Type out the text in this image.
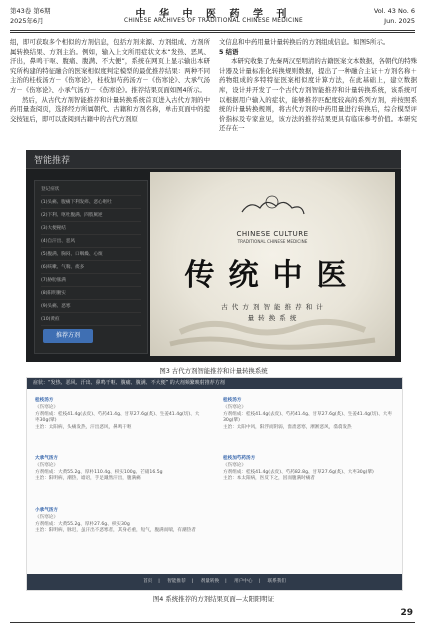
第43卷 第6期
2025年6月
中 华 中 医 药 学 刊
CHINESE ARCHIVES OF TRADITIONAL CHINESE MEDICINE
Vol. 43 No. 6
Jun. 2025

组，即可获取多个相似的方剂信息，包括方剂来源、方剂组成、方剂所属转换结果、方剂主治。例如，输入上文所用症状文本“发热、恶风、汗出，鼻鸣干呕、腹痛、腹满、不大便”，系统在网页上显示输出本研究所构建的特征融合的医案相似度判定模型的最优推荐结果：两种不同主治的桂枝汤方－《伤寒论》，桂枝加芍药汤方－《伤寒论》、大承气汤方－《伤寒论》、小承气汤方－《伤寒论》。推荐结果页面如图4所示。

然后，从古代方剂智能推荐和计量转换系统首页进入古代方剂的中药用量查阅页，选择经方所属朝代、古籍和方剂名称，单击页面中的提交按钮后，即可以查阅到古籍中的古代方剂原

文信息和中药用量计量转换后的方剂组成信息。如图5所示。

5 结语

本研究收集了先秦两汉至明清的古籍医案文本数据，各朝代的特殊计器及计量标准化转换规则数据，提出了一种融合主证＋方剂名称＋药物组成的多特特征医案相似度计算方法，在此基础上，建立数据库，设计并开发了一个古代方剂智能推荐和计量转换系统，该系统可以根据用户输入的症状，能够推荐匹配度较高的系列方剂，并按照系统的计量转换规则，将古代方剂的中药用量进行转换后，综合模型评价指标及专家意见，该方法的推荐结果更具有临床参考价值。本研究还存在一

智能推荐
登记症状
(1)头痛、腹痛下利发疹、恶心呕吐
(2)下利、呕吐腹满、四肢厥逆
(3)大便秘结
(4)自汗出、恶风
(5)腹满、胸闷、口咽燥、心烦
(6)咳嗽、气喘、痰多
(7)胁肋胀满
(8)阳明腑实
(9)头痛、恶寒
(10)黄疸
推荐方剂
CHINESE CULTURE
TRADITIONAL CHINESE MEDICINE
传统中医
古 代 方 剂 智 能 推 荐 和 计
量 转 换 系 统
图3 古代方剂智能推荐和计量转换系统
症状：“发热、恶风、汗出、鼻鸣干呕、腹痛、腹满、不大便” 的大剂频繁映射推荐方剂
桂枝汤方
《伤寒论》
方剂组成：桂枝41.4g(去皮)、芍药41.4g、甘草27.6g(炙)、生姜41.4g(切)、大枣30g(擘)
主治：太阳病，头痛发热，汗出恶风，鼻鸣干呕
桂枝汤方
《伤寒论》
方剂组成：桂枝41.4g(去皮)、芍药41.4g、甘草27.6g(炙)、生姜41.4g(切)、大枣30g(擘)
主治：太阳中风，阳浮而阴弱，啬啬恶寒，淅淅恶风，翕翕发热
大承气汤方
《伤寒论》
方剂组成：大黄55.2g、厚朴110.4g、枳实100g、芒硝16.5g
主治：阳明病，潮热，谵语，手足濈然汗出，腹满痛
桂枝加芍药汤方
《伤寒论》
方剂组成：桂枝41.4g(去皮)、芍药82.8g、甘草27.6g(炙)、大枣30g(擘)
主治：本太阳病，医反下之，因而腹满时痛者
小承气汤方
《伤寒论》
方剂组成：大黄55.2g、厚朴27.6g、枳实30g
主治：阳明病，脉迟，虽汗出不恶寒者，其身必重，短气，腹满而喘，有潮热者
首页 | 智能推荐 | 剂量转换 | 用户中心 | 联系我们
图4 系统推荐的方剂结果页面—太阳阳明证
29
